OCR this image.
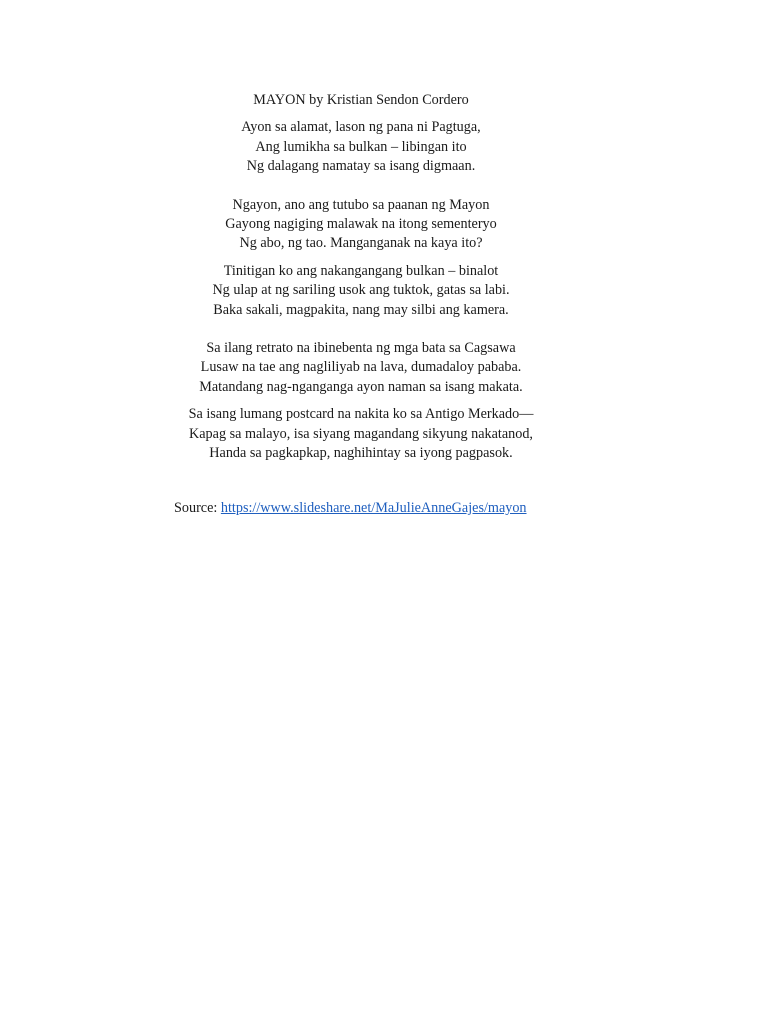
MAYON by Kristian Sendon Cordero
Ayon sa alamat, lason ng pana ni Pagtuga,
Ang lumikha sa bulkan – libingan ito
Ng dalagang namatay sa isang digmaan.
Ngayon, ano ang tutubo sa paanan ng Mayon
Gayong nagiging malawak na itong sementeryo
Ng abo, ng tao. Manganganak na kaya ito?
Tinitigan ko ang nakangangang bulkan – binalot
Ng ulap at ng sariling usok ang tuktok, gatas sa labi.
Baka sakali, magpakita, nang may silbi ang kamera.
Sa ilang retrato na ibinebenta ng mga bata sa Cagsawa
Lusaw na tae ang nagliliyab na lava, dumadaloy pababa.
Matandang nag-nganganga ayon naman sa isang makata.
Sa isang lumang postcard na nakita ko sa Antigo Merkado—
Kapag sa malayo, isa siyang magandang sikyung nakatanod,
Handa sa pagkapkap, naghihintay sa iyong pagpasok.
Source: https://www.slideshare.net/MaJulieAnneGajes/mayon
